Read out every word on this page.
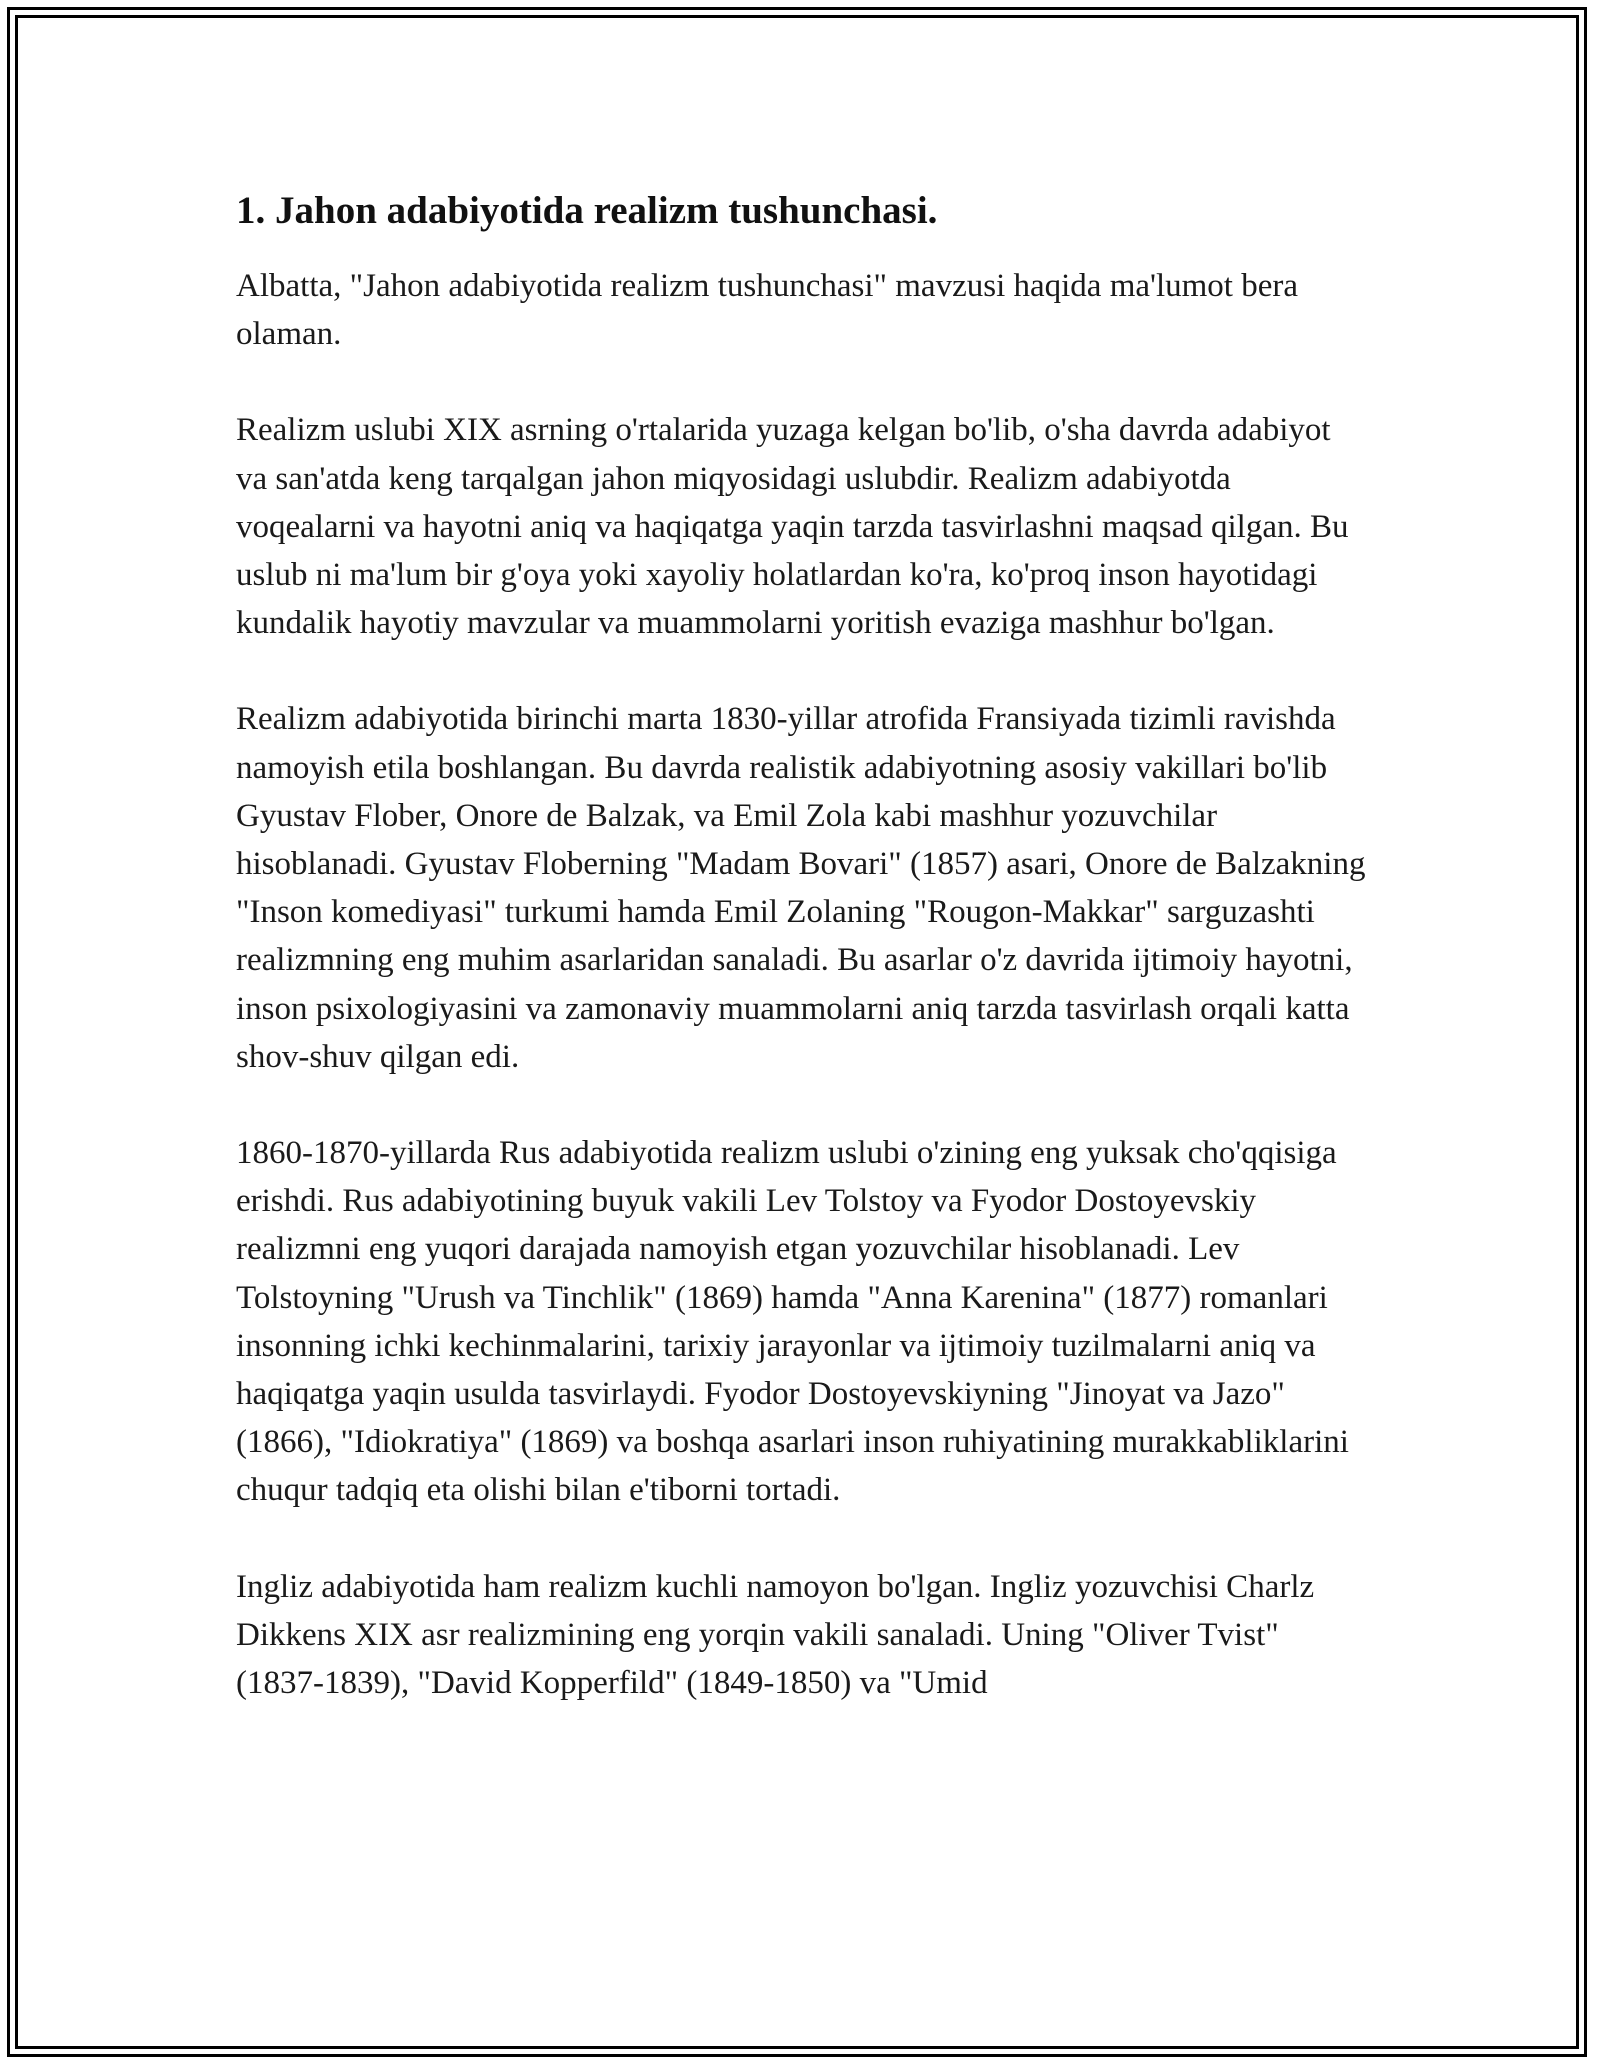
1. Jahon adabiyotida realizm tushunchasi.

Albatta, "Jahon adabiyotida realizm tushunchasi" mavzusi haqida ma'lumot bera olaman.

Realizm uslubi XIX asrning o'rtalarida yuzaga kelgan bo'lib, o'sha davrda adabiyot va san'atda keng tarqalgan jahon miqyosidagi uslubdir. Realizm adabiyotda voqealarni va hayotni aniq va haqiqatga yaqin tarzda tasvirlashni maqsad qilgan. Bu uslub ni ma'lum bir g'oya yoki xayoliy holatlardan ko'ra, ko'proq inson hayotidagi kundalik hayotiy mavzular va muammolarni yoritish evaziga mashhur bo'lgan.

Realizm adabiyotida birinchi marta 1830-yillar atrofida Fransiyada tizimli ravishda namoyish etila boshlangan. Bu davrda realistik adabiyotning asosiy vakillari bo'lib Gyustav Flober, Onore de Balzak, va Emil Zola kabi mashhur yozuvchilar hisoblanadi. Gyustav Floberning "Madam Bovari" (1857) asari, Onore de Balzakning "Inson komediyasi" turkumi hamda Emil Zolaning "Rougon-Makkar" sarguzashti realizmning eng muhim asarlaridan sanaladi. Bu asarlar o'z davrida ijtimoiy hayotni, inson psixologiyasini va zamonaviy muammolarni aniq tarzda tasvirlash orqali katta shov-shuv qilgan edi.

1860-1870-yillarda Rus adabiyotida realizm uslubi o'zining eng yuksak cho'qqisiga erishdi. Rus adabiyotining buyuk vakili Lev Tolstoy va Fyodor Dostoyevskiy realizmni eng yuqori darajada namoyish etgan yozuvchilar hisoblanadi. Lev Tolstoyning "Urush va Tinchlik" (1869) hamda "Anna Karenina" (1877) romanlari insonning ichki kechinmalarini, tarixiy jarayonlar va ijtimoiy tuzilmalarni aniq va haqiqatga yaqin usulda tasvirlaydi. Fyodor Dostoyevskiyning "Jinoyat va Jazo" (1866), "Idiokratiya" (1869) va boshqa asarlari inson ruhiyatining murakkabliklarini chuqur tadqiq eta olishi bilan e'tiborni tortadi.

Ingliz adabiyotida ham realizm kuchli namoyon bo'lgan. Ingliz yozuvchisi Charlz Dikkens XIX asr realizmining eng yorqin vakili sanaladi. Uning "Oliver Tvist" (1837-1839), "David Kopperfild" (1849-1850) va "Umid
